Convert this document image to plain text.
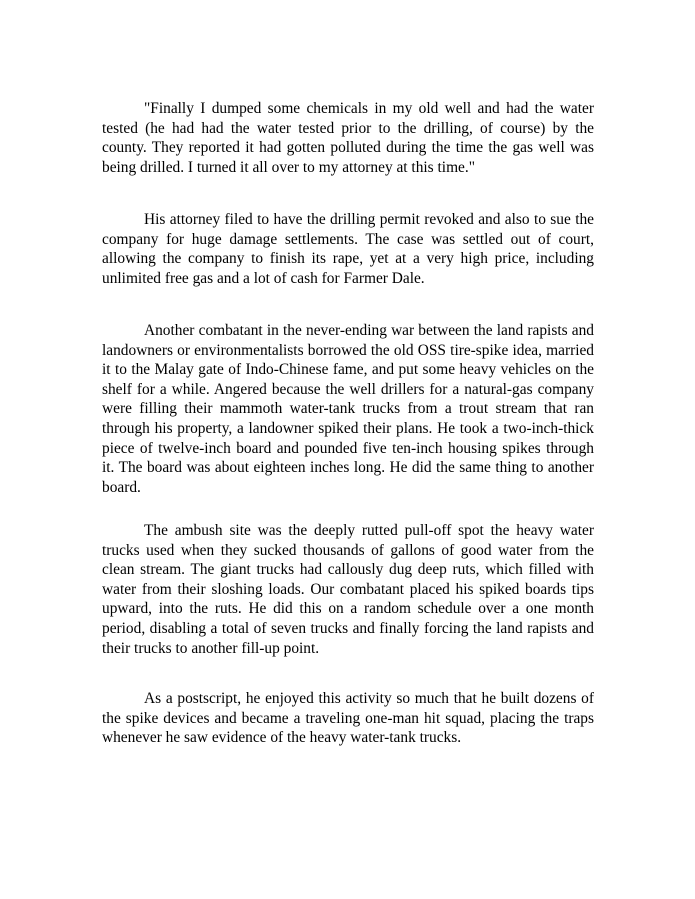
"Finally I dumped some chemicals in my old well and had the water tested (he had had the water tested prior to the drilling, of course) by the county. They reported it had gotten polluted during the time the gas well was being drilled. I turned it all over to my attorney at this time."

His attorney filed to have the drilling permit revoked and also to sue the company for huge damage settlements. The case was settled out of court, allowing the company to finish its rape, yet at a very high price, including unlimited free gas and a lot of cash for Farmer Dale.

Another combatant in the never-ending war between the land rapists and landowners or environmentalists borrowed the old OSS tire-spike idea, married it to the Malay gate of Indo-Chinese fame, and put some heavy vehicles on the shelf for a while. Angered because the well drillers for a natural-gas company were filling their mammoth water-tank trucks from a trout stream that ran through his property, a landowner spiked their plans. He took a two-inch-thick piece of twelve-inch board and pounded five ten-inch housing spikes through it. The board was about eighteen inches long. He did the same thing to another board.

The ambush site was the deeply rutted pull-off spot the heavy water trucks used when they sucked thousands of gallons of good water from the clean stream. The giant trucks had callously dug deep ruts, which filled with water from their sloshing loads. Our combatant placed his spiked boards tips upward, into the ruts. He did this on a random schedule over a one month period, disabling a total of seven trucks and finally forcing the land rapists and their trucks to another fill-up point.

As a postscript, he enjoyed this activity so much that he built dozens of the spike devices and became a traveling one-man hit squad, placing the traps whenever he saw evidence of the heavy water-tank trucks.
